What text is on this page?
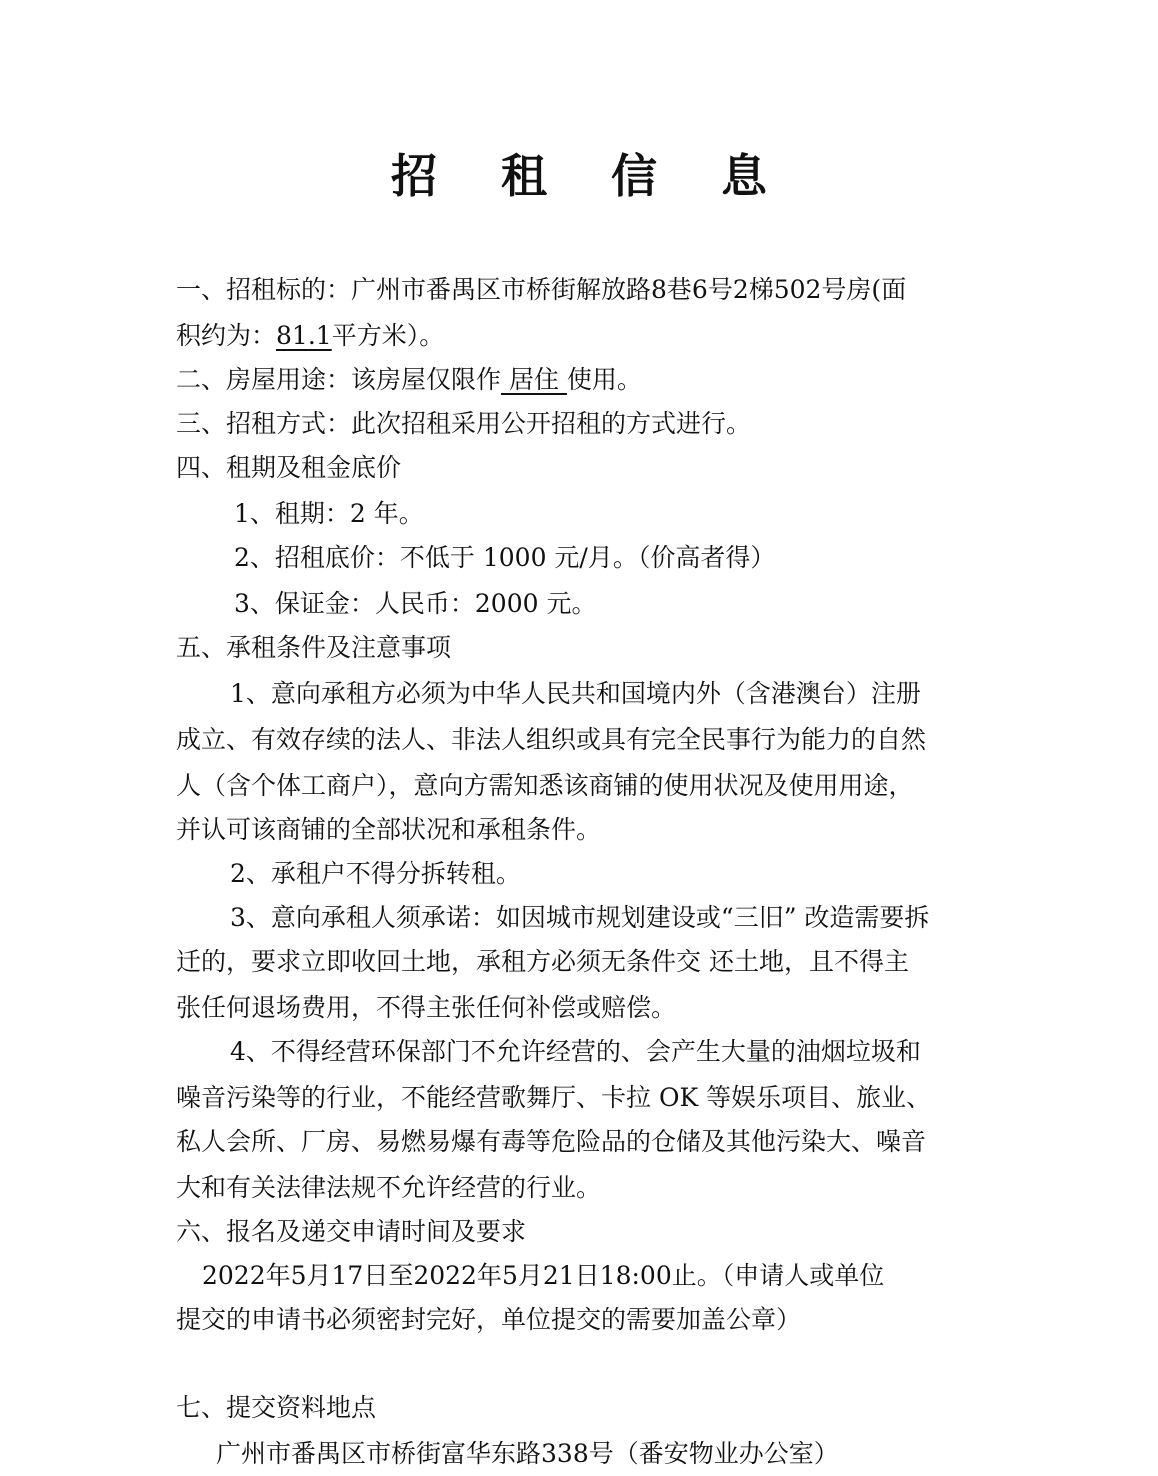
招 租 信 息
一、招租标的：广州市番禺区市桥街解放路8巷6号2梯502号房(面
积约为：81.1平方米）。
二、房屋用途：该房屋仅限作 居住 使用。
三、招租方式：此次招租采用公开招租的方式进行。
四、租期及租金底价
1、租期：2 年。
2、招租底价：不低于 1000 元/月。（价高者得）
3、保证金：人民币：2000 元。
五、承租条件及注意事项
1、意向承租方必须为中华人民共和国境内外（含港澳台）注册
成立、有效存续的法人、非法人组织或具有完全民事行为能力的自然
人（含个体工商户），意向方需知悉该商铺的使用状况及使用用途，
并认可该商铺的全部状况和承租条件。
2、承租户不得分拆转租。
3、意向承租人须承诺：如因城市规划建设或“三旧” 改造需要拆
迁的，要求立即收回土地，承租方必须无条件交 还土地，且不得主
张任何退场费用，不得主张任何补偿或赔偿。
4、不得经营环保部门不允许经营的、会产生大量的油烟垃圾和
噪音污染等的行业，不能经营歌舞厅、卡拉 OK 等娱乐项目、旅业、
私人会所、厂房、易燃易爆有毒等危险品的仓储及其他污染大、噪音
大和有关法律法规不允许经营的行业。
六、报名及递交申请时间及要求
2022年5月17日至2022年5月21日18:00止。（申请人或单位
提交的申请书必须密封完好，单位提交的需要加盖公章）
七、提交资料地点
广州市番禺区市桥街富华东路338号（番安物业办公室）
